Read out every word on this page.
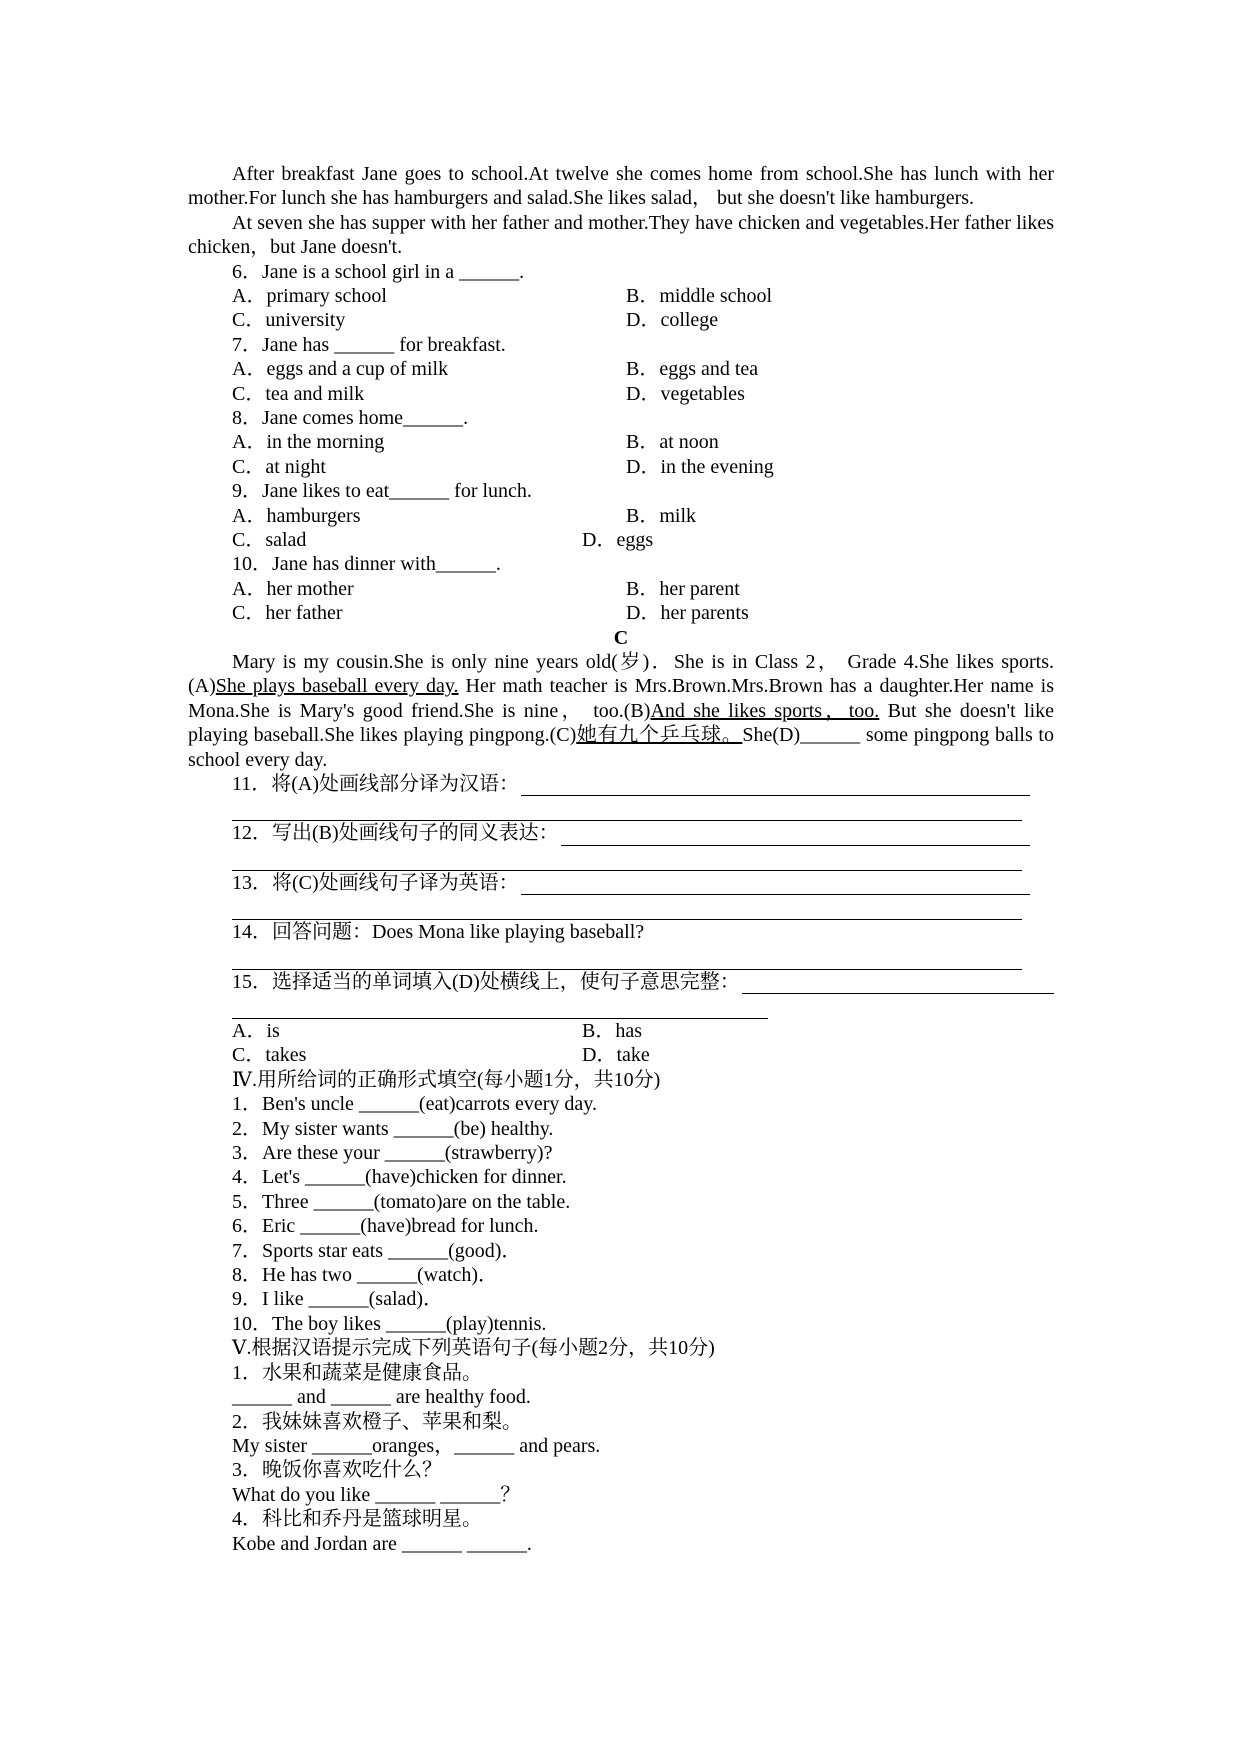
After breakfast Jane goes to school.At twelve she comes home from school.She has lunch with her mother.For lunch she has hamburgers and salad.She likes salad， but she doesn't like hamburgers.

At seven she has supper with her father and mother.They have chicken and vegetables.Her father likes chicken，but Jane doesn't.

6．Jane is a school girl in a ______.

A．primary school	B．middle school
C．university	D．college

7．Jane has ______ for breakfast.

A．eggs and a cup of milk	B．eggs and tea
C．tea and milk	D．vegetables

8．Jane comes home______.

A．in the morning	B．at noon
C．at night	D．in the evening

9．Jane likes to eat______ for lunch.

A．hamburgers	B．milk
C．salad	D．eggs

10．Jane has dinner with______.

A．her mother	B．her parent
C．her father	D．her parents

C

Mary is my cousin.She is only nine years old(岁)．She is in Class 2， Grade 4.She likes sports.(A)She plays baseball every day. Her math teacher is Mrs.Brown.Mrs.Brown has a daughter.Her name is Mona.She is Mary's good friend.She is nine， too.(B)And she likes sports，too. But she doesn't like playing baseball.She likes playing pingpong.(C)她有九个乒乓球。She(D)______ some pingpong balls to school every day.

11．将(A)处画线部分译为汉语：
12．写出(B)处画线句子的同义表达：
13．将(C)处画线句子译为英语：

14．回答问题：Does Mona like playing baseball?

15．选择适当的单词填入(D)处横线上，使句子意思完整：
A．is	B．has
C．takes	D．take

Ⅳ.用所给词的正确形式填空(每小题1分，共10分)

1．Ben's uncle ______(eat)carrots every day.

2．My sister wants ______(be) healthy.

3．Are these your ______(strawberry)?

4．Let's ______(have)chicken for dinner.

5．Three ______(tomato)are on the table.

6．Eric ______(have)bread for lunch.

7．Sports star eats ______(good)．

8．He has two ______(watch)．

9．I like ______(salad)．

10．The boy likes ______(play)tennis.

Ⅴ.根据汉语提示完成下列英语句子(每小题2分，共10分)

1．水果和蔬菜是健康食品。

______ and ______ are healthy food.

2．我妹妹喜欢橙子、苹果和梨。

My sister ______oranges，______ and pears.

3．晚饭你喜欢吃什么？

What do you like ______ ______？

4．科比和乔丹是篮球明星。

Kobe and Jordan are ______ ______.
